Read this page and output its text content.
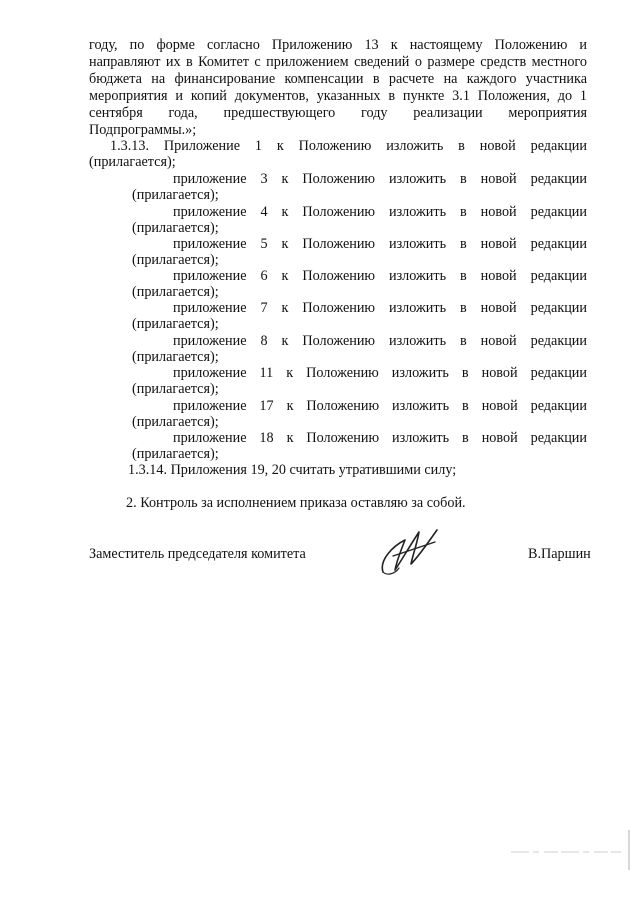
году, по форме согласно Приложению 13 к настоящему Положению и
направляют их в Комитет с приложением сведений о размере средств местного
бюджета на финансирование компенсации в расчете на каждого участника
мероприятия и копий документов, указанных в пункте 3.1 Положения, до 1
сентября года, предшествующего году реализации мероприятия
Подпрограммы.»;
1.3.13. Приложение 1 к Положению изложить в новой редакции
(прилагается);
приложение 3 к Положению изложить в новой редакции
(прилагается);
приложение 4 к Положению изложить в новой редакции
(прилагается);
приложение 5 к Положению изложить в новой редакции
(прилагается);
приложение 6 к Положению изложить в новой редакции
(прилагается);
приложение 7 к Положению изложить в новой редакции
(прилагается);
приложение 8 к Положению изложить в новой редакции
(прилагается);
приложение 11 к Положению изложить в новой редакции
(прилагается);
приложение 17 к Положению изложить в новой редакции
(прилагается);
приложение 18 к Положению изложить в новой редакции
(прилагается);
1.3.14. Приложения 19, 20 считать утратившими силу;
2. Контроль за исполнением приказа оставляю за собой.
Заместитель председателя комитета	В.Паршин
